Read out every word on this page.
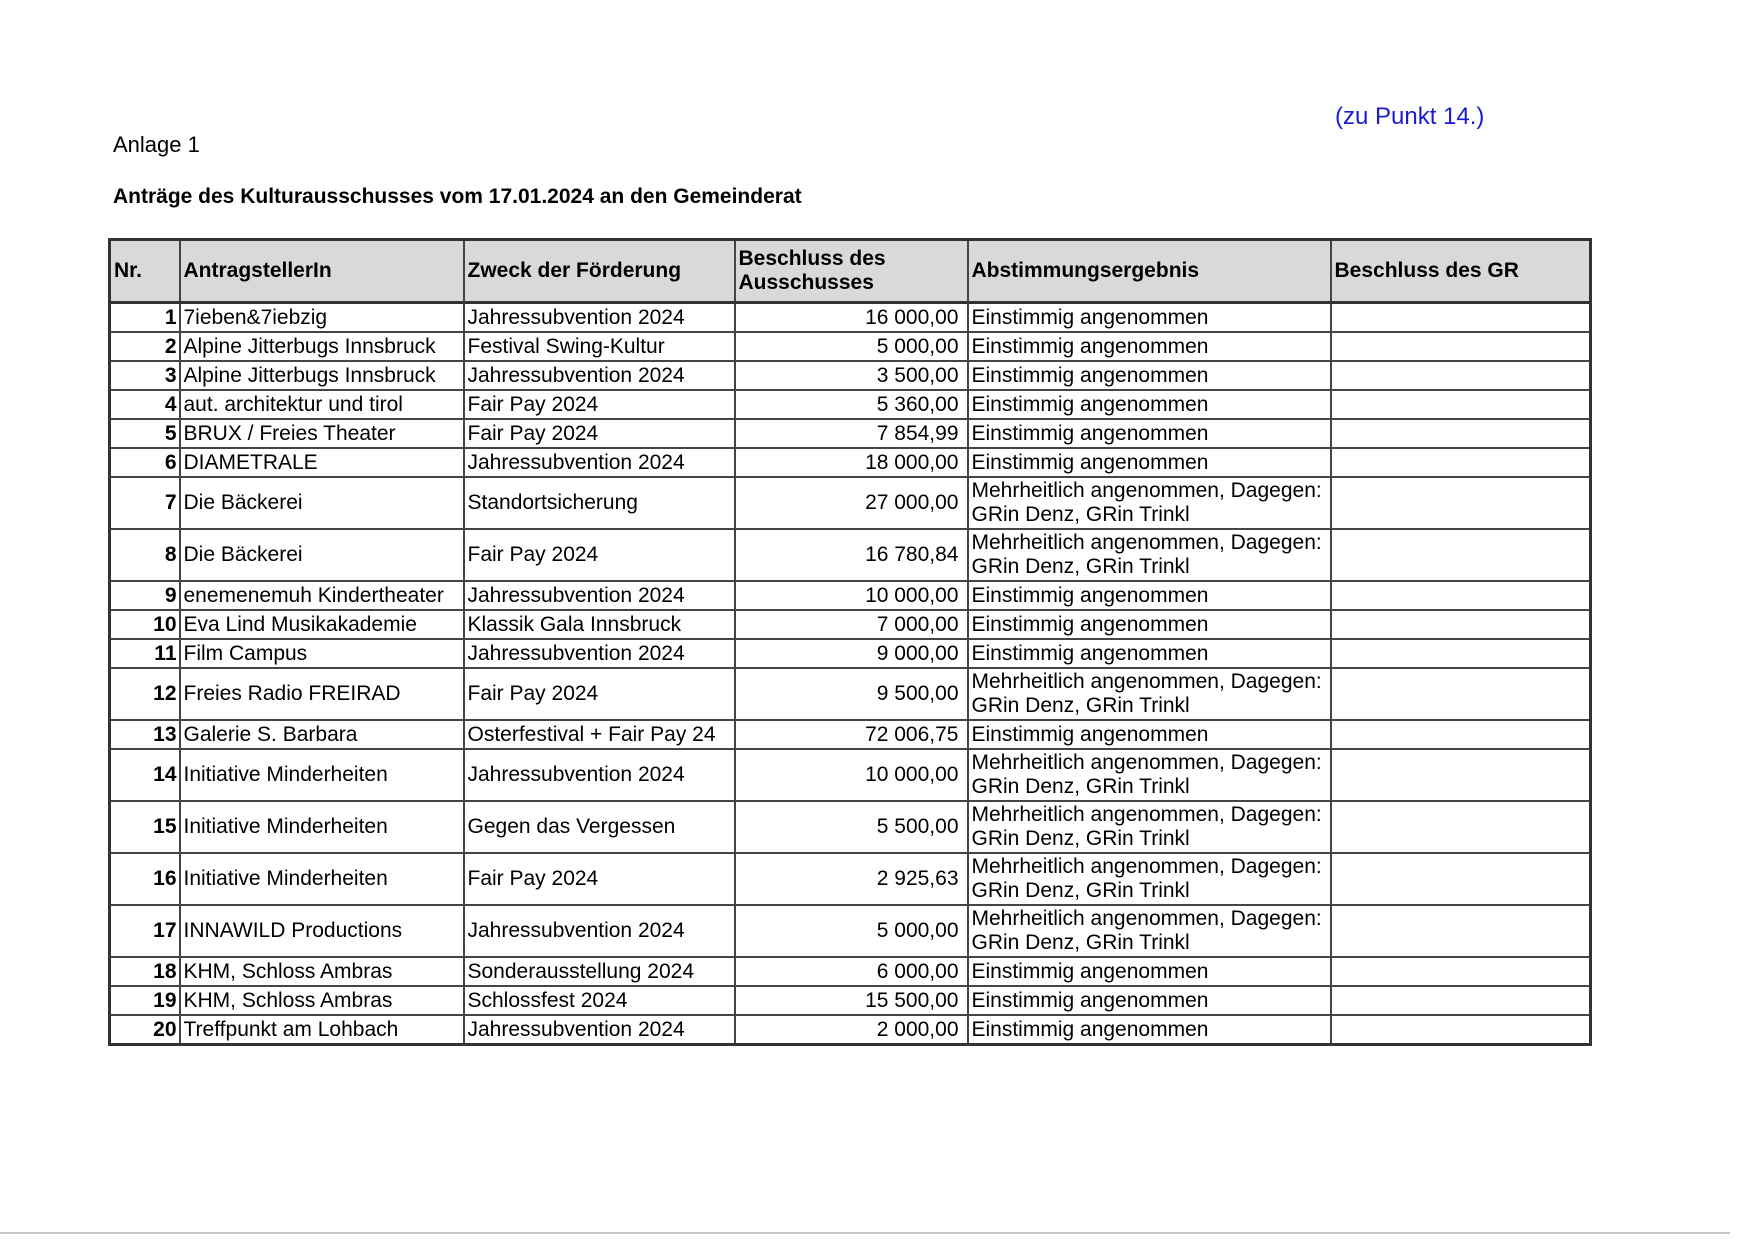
(zu Punkt 14.)
Anlage 1
Anträge des Kulturausschusses vom 17.01.2024 an den Gemeinderat
Nr.	AntragstellerIn	Zweck der Förderung	Beschluss des Ausschusses	Abstimmungsergebnis	Beschluss des GR
1	7ieben&7iebzig	Jahressubvention 2024	16 000,00	Einstimmig angenommen	
2	Alpine Jitterbugs Innsbruck	Festival Swing-Kultur	5 000,00	Einstimmig angenommen	
3	Alpine Jitterbugs Innsbruck	Jahressubvention 2024	3 500,00	Einstimmig angenommen	
4	aut. architektur und tirol	Fair Pay 2024	5 360,00	Einstimmig angenommen	
5	BRUX / Freies Theater	Fair Pay 2024	7 854,99	Einstimmig angenommen	
6	DIAMETRALE	Jahressubvention 2024	18 000,00	Einstimmig angenommen	
7	Die Bäckerei	Standortsicherung	27 000,00	Mehrheitlich angenommen, Dagegen: GRin Denz, GRin Trinkl	
8	Die Bäckerei	Fair Pay 2024	16 780,84	Mehrheitlich angenommen, Dagegen: GRin Denz, GRin Trinkl	
9	enemenemuh Kindertheater	Jahressubvention 2024	10 000,00	Einstimmig angenommen	
10	Eva Lind Musikakademie	Klassik Gala Innsbruck	7 000,00	Einstimmig angenommen	
11	Film Campus	Jahressubvention 2024	9 000,00	Einstimmig angenommen	
12	Freies Radio FREIRAD	Fair Pay 2024	9 500,00	Mehrheitlich angenommen, Dagegen: GRin Denz, GRin Trinkl	
13	Galerie S. Barbara	Osterfestival + Fair Pay 24	72 006,75	Einstimmig angenommen	
14	Initiative Minderheiten	Jahressubvention 2024	10 000,00	Mehrheitlich angenommen, Dagegen: GRin Denz, GRin Trinkl	
15	Initiative Minderheiten	Gegen das Vergessen	5 500,00	Mehrheitlich angenommen, Dagegen: GRin Denz, GRin Trinkl	
16	Initiative Minderheiten	Fair Pay 2024	2 925,63	Mehrheitlich angenommen, Dagegen: GRin Denz, GRin Trinkl	
17	INNAWILD Productions	Jahressubvention 2024	5 000,00	Mehrheitlich angenommen, Dagegen: GRin Denz, GRin Trinkl	
18	KHM, Schloss Ambras	Sonderausstellung 2024	6 000,00	Einstimmig angenommen	
19	KHM, Schloss Ambras	Schlossfest 2024	15 500,00	Einstimmig angenommen	
20	Treffpunkt am Lohbach	Jahressubvention 2024	2 000,00	Einstimmig angenommen	
